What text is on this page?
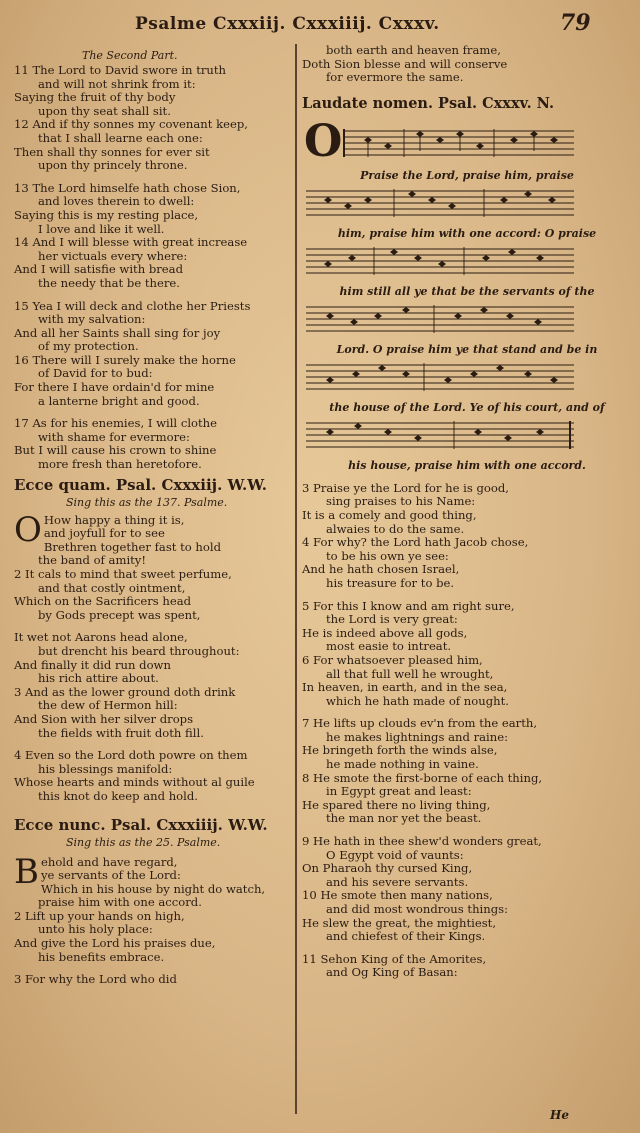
Psalme Cxxxiij. Cxxxiiij. Cxxxv.	79
The Second Part.
11 The Lord to David swore in truth
and will not shrink from it:
Saying the fruit of thy body
upon thy seat shall sit.
12 And if thy sonnes my covenant keep,
that I shall learne each one:
Then shall thy sonnes for ever sit
upon thy princely throne.
13 The Lord himselfe hath chose Sion,
and loves therein to dwell:
Saying this is my resting place,
I love and like it well.
14 And I will blesse with great increase
her victuals every where:
And I will satisfie with bread
the needy that be there.
15 Yea I will deck and clothe her Priests
with my salvation:
And all her Saints shall sing for joy
of my protection.
16 There will I surely make the horne
of David for to bud:
For there I have ordain'd for mine
a lanterne bright and good.
17 As for his enemies, I will clothe
with shame for evermore:
But I will cause his crown to shine
more fresh than heretofore.
Ecce quam. Psal. Cxxxiij. W.W.
Sing this as the 137. Psalme.
O How happy a thing it is,
and joyfull for to see
Brethren together fast to hold
the band of amity!
2 It cals to mind that sweet perfume,
and that costly ointment,
Which on the Sacrificers head
by Gods precept was spent,
It wet not Aarons head alone,
but drencht his beard throughout:
And finally it did run down
his rich attire about.
3 And as the lower ground doth drink
the dew of Hermon hill:
And Sion with her silver drops
the fields with fruit doth fill.
4 Even so the Lord doth powre on them
his blessings manifold:
Whose hearts and minds without al guile
this knot do keep and hold.
Ecce nunc. Psal. Cxxxiiij. W.W.
Sing this as the 25. Psalme.
B ehold and have regard,
ye servants of the Lord:
Which in his house by night do watch,
praise him with one accord.
2 Lift up your hands on high,
unto his holy place:
And give the Lord his praises due,
his benefits embrace.
3 For why the Lord who did
both earth and heaven frame,
Doth Sion blesse and will conserve
for evermore the same.
Laudate nomen. Psal. Cxxxv. N.
O
Praise the Lord, praise him, praise
him, praise him with one accord: O praise
him still all ye that be the servants of the
Lord. O praise him ye that stand and be in
the house of the Lord. Ye of his court, and of
his house, praise him with one accord.
3 Praise ye the Lord for he is good,
sing praises to his Name:
It is a comely and good thing,
alwaies to do the same.
4 For why? the Lord hath Jacob chose,
to be his own ye see:
And he hath chosen Israel,
his treasure for to be.
5 For this I know and am right sure,
the Lord is very great:
He is indeed above all gods,
most easie to intreat.
6 For whatsoever pleased him,
all that full well he wrought,
In heaven, in earth, and in the sea,
which he hath made of nought.
7 He lifts up clouds ev'n from the earth,
he makes lightnings and raine:
He bringeth forth the winds alse,
he made nothing in vaine.
8 He smote the first-borne of each thing,
in Egypt great and least:
He spared there no living thing,
the man nor yet the beast.
9 He hath in thee shew'd wonders great,
O Egypt void of vaunts:
On Pharaoh thy cursed King,
and his severe servants.
10 He smote then many nations,
and did most wondrous things:
He slew the great, the mightiest,
and chiefest of their Kings.
11 Sehon King of the Amorites,
and Og King of Basan:
He
